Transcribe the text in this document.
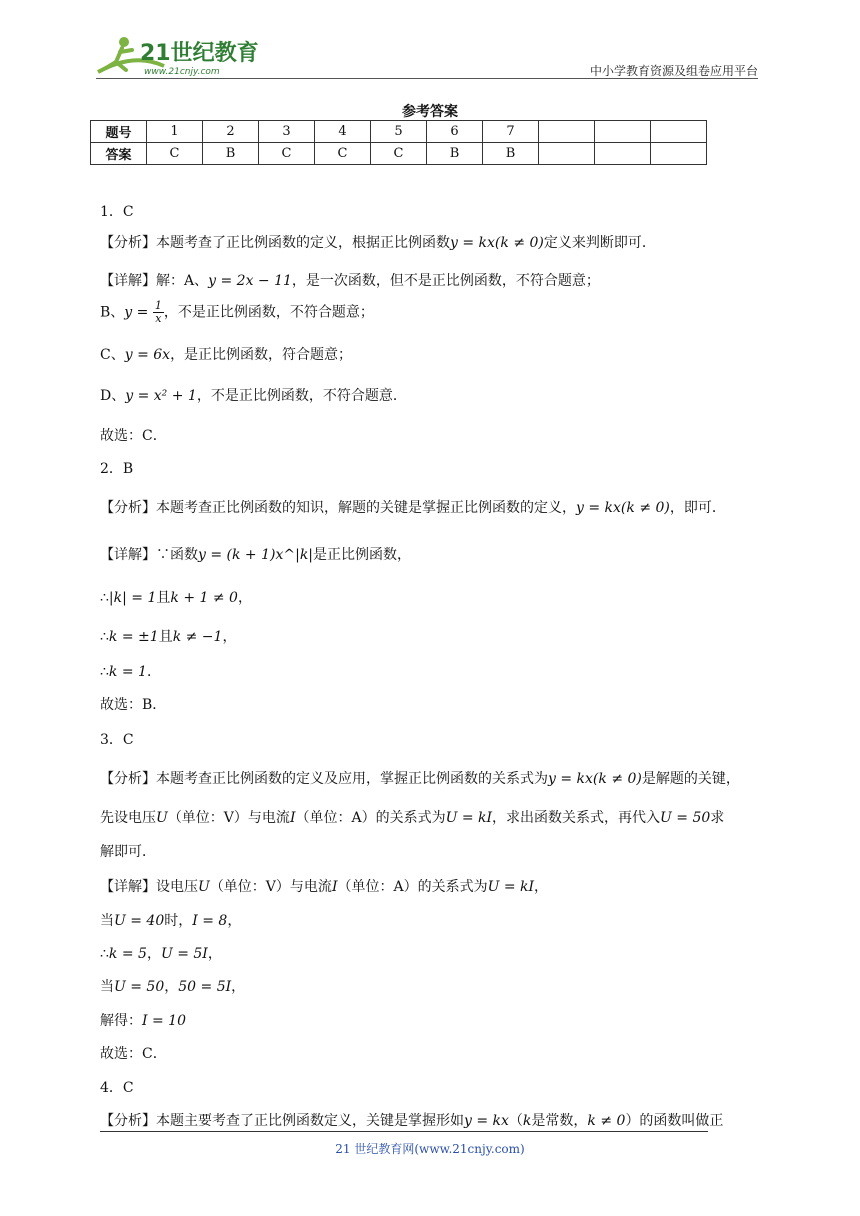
21世纪教育
www.21cnjy.com	中小学教育资源及组卷应用平台
参考答案
题号	1	2	3	4	5	6	7			
答案	C	B	C	C	C	B	B			
1．C
【分析】本题考查了正比例函数的定义，根据正比例函数y = kx(k ≠ 0)定义来判断即可．
【详解】解：A、y = 2x − 11，是一次函数，但不是正比例函数，不符合题意；
B、$y = \frac{1}{x}$ ，不是正比例函数，不符合题意；
C、y = 6x，是正比例函数，符合题意；
D、y = x² + 1，不是正比例函数，不符合题意．
故选：C．
2．B
【分析】本题考查正比例函数的知识，解题的关键是掌握正比例函数的定义，y = kx(k ≠ 0)，即可．
【详解】∵函数y = (k + 1)x^|k|是正比例函数，
∴|k| = 1且k + 1 ≠ 0，
∴k = ±1且k ≠ −1，
∴k = 1．
故选：B．
3．C
【分析】本题考查正比例函数的定义及应用，掌握正比例函数的关系式为y = kx(k ≠ 0)是解题的关键，
先设电压U（单位：V）与电流I（单位：A）的关系式为U = kI，求出函数关系式，再代入U = 50求
解即可．
【详解】设电压U（单位：V）与电流I（单位：A）的关系式为U = kI，
当U = 40时，I = 8，
∴k = 5，U = 5I，
当U = 50，50 = 5I，
解得：I = 10
故选：C．
4．C
【分析】本题主要考查了正比例函数定义，关键是掌握形如y = kx（k是常数，k ≠ 0）的函数叫做正
21 世纪教育网(www.21cnjy.com)
